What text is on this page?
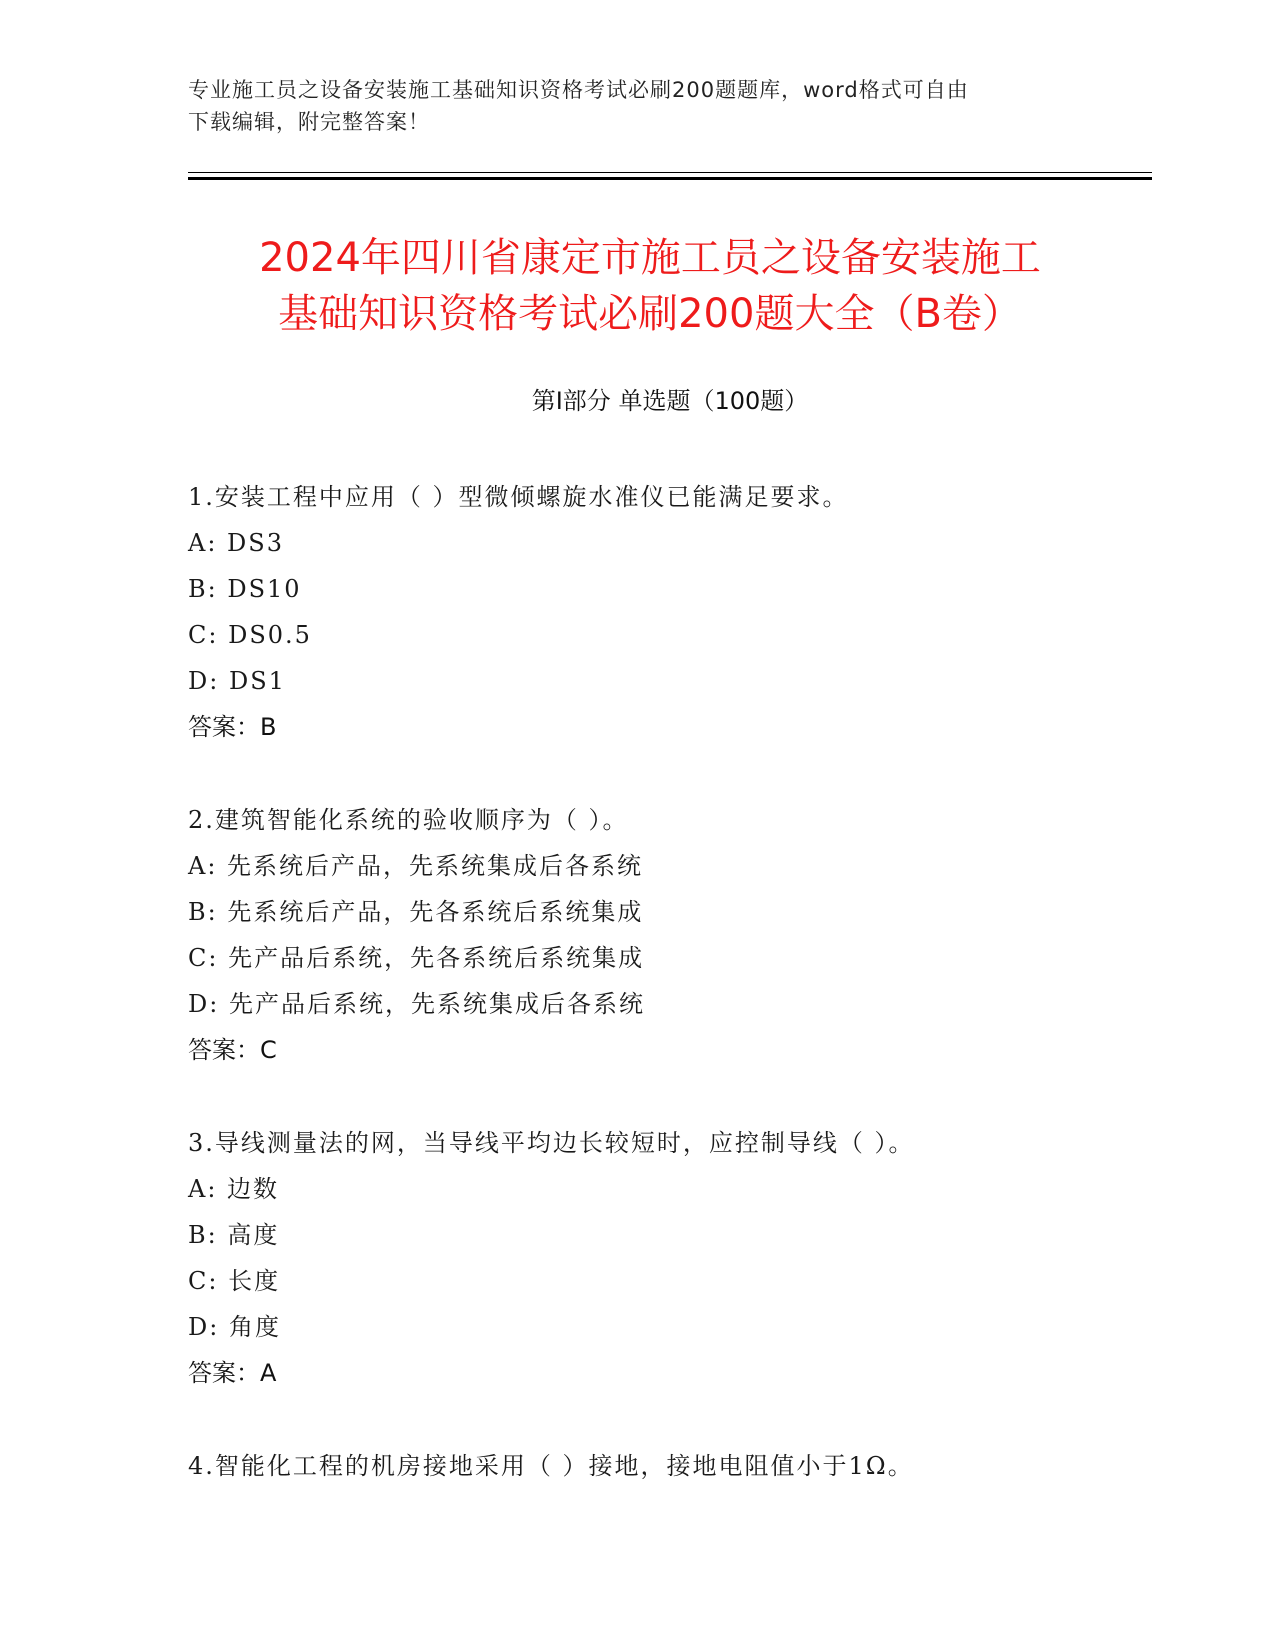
专业施工员之设备安装施工基础知识资格考试必刷200题题库，word格式可自由
下载编辑，附完整答案！
2024年四川省康定市施工员之设备安装施工
基础知识资格考试必刷200题大全（B卷）
第Ⅰ部分 单选题（100题）
1.安装工程中应用（ ）型微倾螺旋水准仪已能满足要求。
A: DS3
B: DS10
C: DS0.5
D: DS1
答案：B
2.建筑智能化系统的验收顺序为（ ）。
A: 先系统后产品，先系统集成后各系统
B: 先系统后产品，先各系统后系统集成
C: 先产品后系统，先各系统后系统集成
D: 先产品后系统，先系统集成后各系统
答案：C
3.导线测量法的网，当导线平均边长较短时，应控制导线（ ）。
A: 边数
B: 高度
C: 长度
D: 角度
答案：A
4.智能化工程的机房接地采用（ ）接地，接地电阻值小于1Ω。
